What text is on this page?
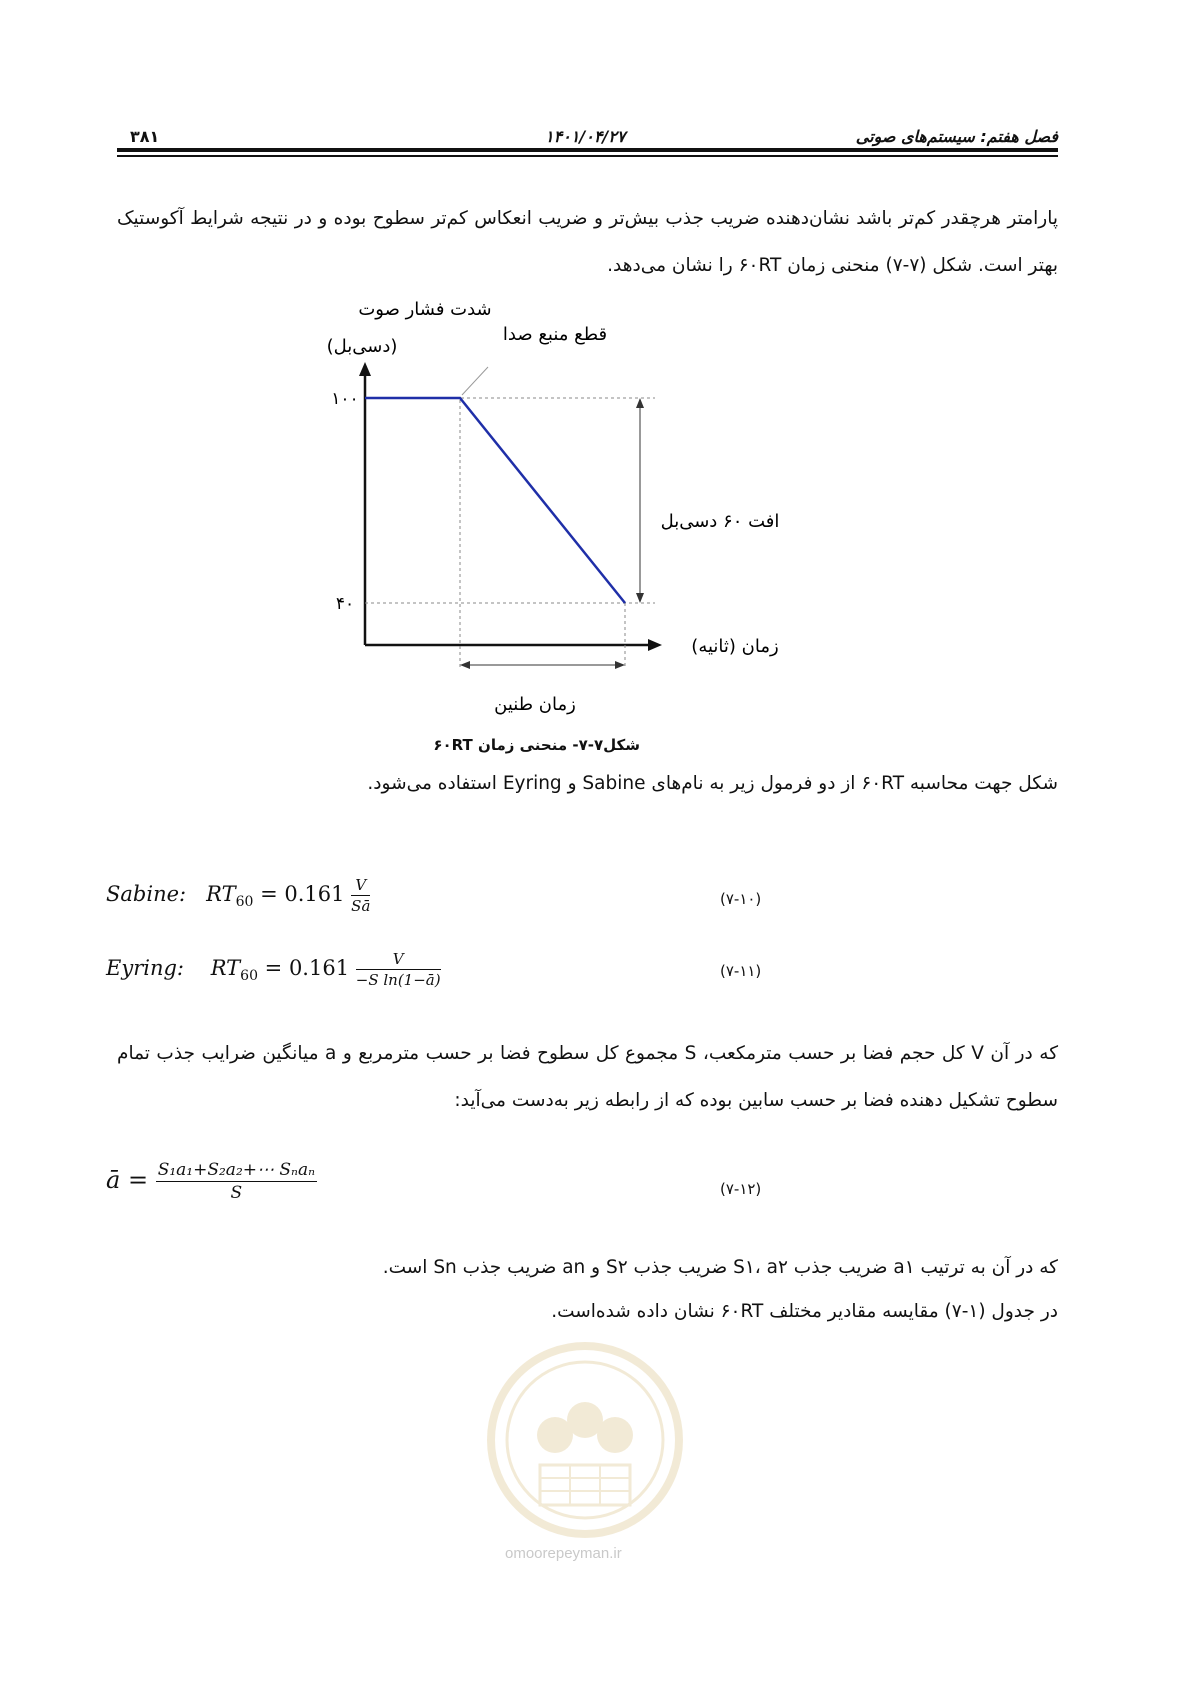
فصل هفتم: سیستم‌های صوتی
۱۴۰۱/۰۴/۲۷
۳۸۱
پارامتر هرچقدر کم‌تر باشد نشان‌دهنده ضریب جذب بیش‌تر و ضریب انعکاس کم‌تر سطوح بوده و در نتیجه شرایط آکوستیک بهتر است. شکل (۷-۷) منحنی زمان ۶۰RT را نشان می‌دهد.
شدت فشار صوت
(دسی‌بل)
قطع منبع صدا
۱۰۰
۴۰
افت ۶۰ دسی‌بل
زمان (ثانیه)
زمان طنین
شکل۷-۷- منحنی زمان ۶۰RT
شکل جهت محاسبه ۶۰RT از دو فرمول زیر به نام‌های Sabine و Eyring استفاده می‌شود.
Sabine: $RT_{60} = 0.161 \frac{V}{Sā}$	(۷-۱۰)
Eyring: $RT_{60} = 0.161 \frac{V}{\text{−S ln(1−ā)}}$	(۷-۱۱)
که در آن V کل حجم فضا بر حسب مترمکعب، S مجموع کل سطوح فضا بر حسب مترمربع و a میانگین ضرایب جذب تمام سطوح تشکیل دهنده فضا بر حسب سابین بوده که از رابطه زیر به‌دست می‌آید:
ā = $\frac{\text{S₁a₁+S₂a₂+⋯ Sₙaₙ}}{S}$	(۷-۱۲)
که در آن به ترتیب a۱ ضریب جذب S۱، a۲ ضریب جذب S۲ و an ضریب جذب Sn است.
در جدول (۱-۷) مقایسه مقادیر مختلف ۶۰RT نشان داده شده‌است.
omoorepeyman.ir
